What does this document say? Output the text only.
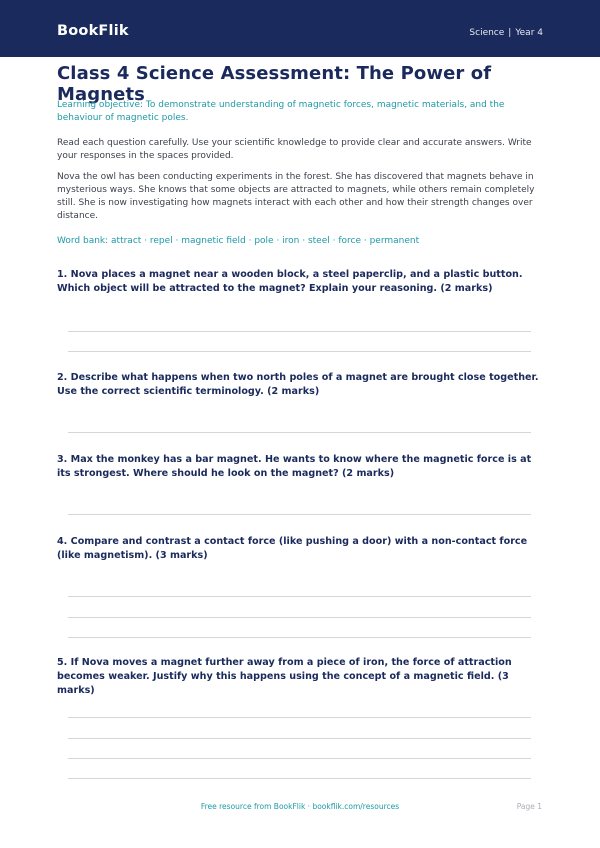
BookFlik	Science | Year 4
Class 4 Science Assessment: The Power of Magnets

Learning objective: To demonstrate understanding of magnetic forces, magnetic materials, and the behaviour of magnetic poles.

Read each question carefully. Use your scientific knowledge to provide clear and accurate answers. Write your responses in the spaces provided.

Nova the owl has been conducting experiments in the forest. She has discovered that magnets behave in mysterious ways. She knows that some objects are attracted to magnets, while others remain completely still. She is now investigating how magnets interact with each other and how their strength changes over distance.

Word bank: attract · repel · magnetic field · pole · iron · steel · force · permanent

1. Nova places a magnet near a wooden block, a steel paperclip, and a plastic button. Which object will be attracted to the magnet? Explain your reasoning. (2 marks)

2. Describe what happens when two north poles of a magnet are brought close together. Use the correct scientific terminology. (2 marks)

3. Max the monkey has a bar magnet. He wants to know where the magnetic force is at its strongest. Where should he look on the magnet? (2 marks)

4. Compare and contrast a contact force (like pushing a door) with a non-contact force (like magnetism). (3 marks)

5. If Nova moves a magnet further away from a piece of iron, the force of attraction becomes weaker. Justify why this happens using the concept of a magnetic field. (3 marks)

Free resource from BookFlik · bookflik.com/resources	Page 1
